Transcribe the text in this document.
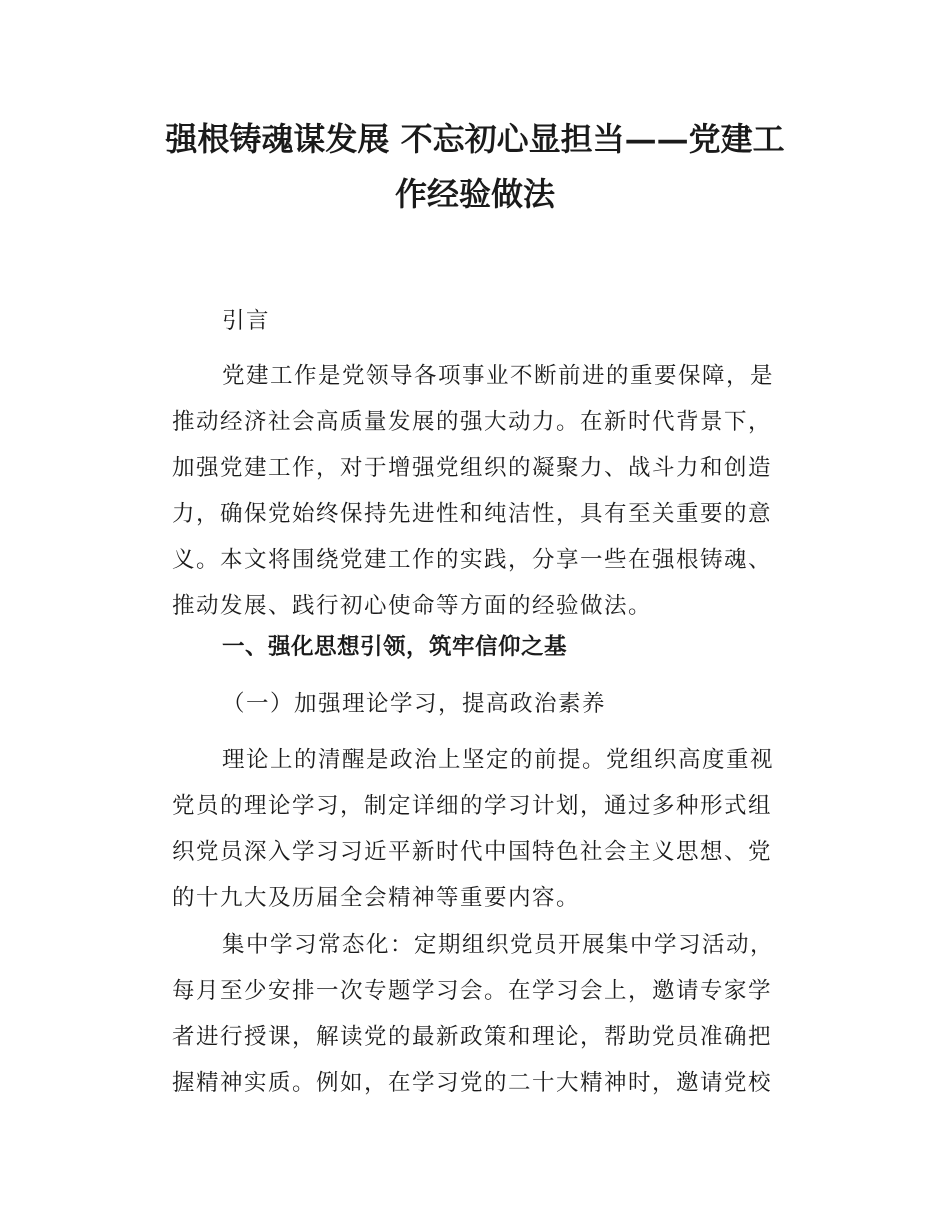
强根铸魂谋发展 不忘初心显担当——党建工
作经验做法

引言

党建工作是党领导各项事业不断前进的重要保障，是
推动经济社会高质量发展的强大动力。在新时代背景下，
加强党建工作，对于增强党组织的凝聚力、战斗力和创造
力，确保党始终保持先进性和纯洁性，具有至关重要的意
义。本文将围绕党建工作的实践，分享一些在强根铸魂、
推动发展、践行初心使命等方面的经验做法。
一、强化思想引领，筑牢信仰之基

（一）加强理论学习，提高政治素养

理论上的清醒是政治上坚定的前提。党组织高度重视
党员的理论学习，制定详细的学习计划，通过多种形式组
织党员深入学习习近平新时代中国特色社会主义思想、党
的十九大及历届全会精神等重要内容。
集中学习常态化：定期组织党员开展集中学习活动，
每月至少安排一次专题学习会。在学习会上，邀请专家学
者进行授课，解读党的最新政策和理论，帮助党员准确把
握精神实质。例如，在学习党的二十大精神时，邀请党校
